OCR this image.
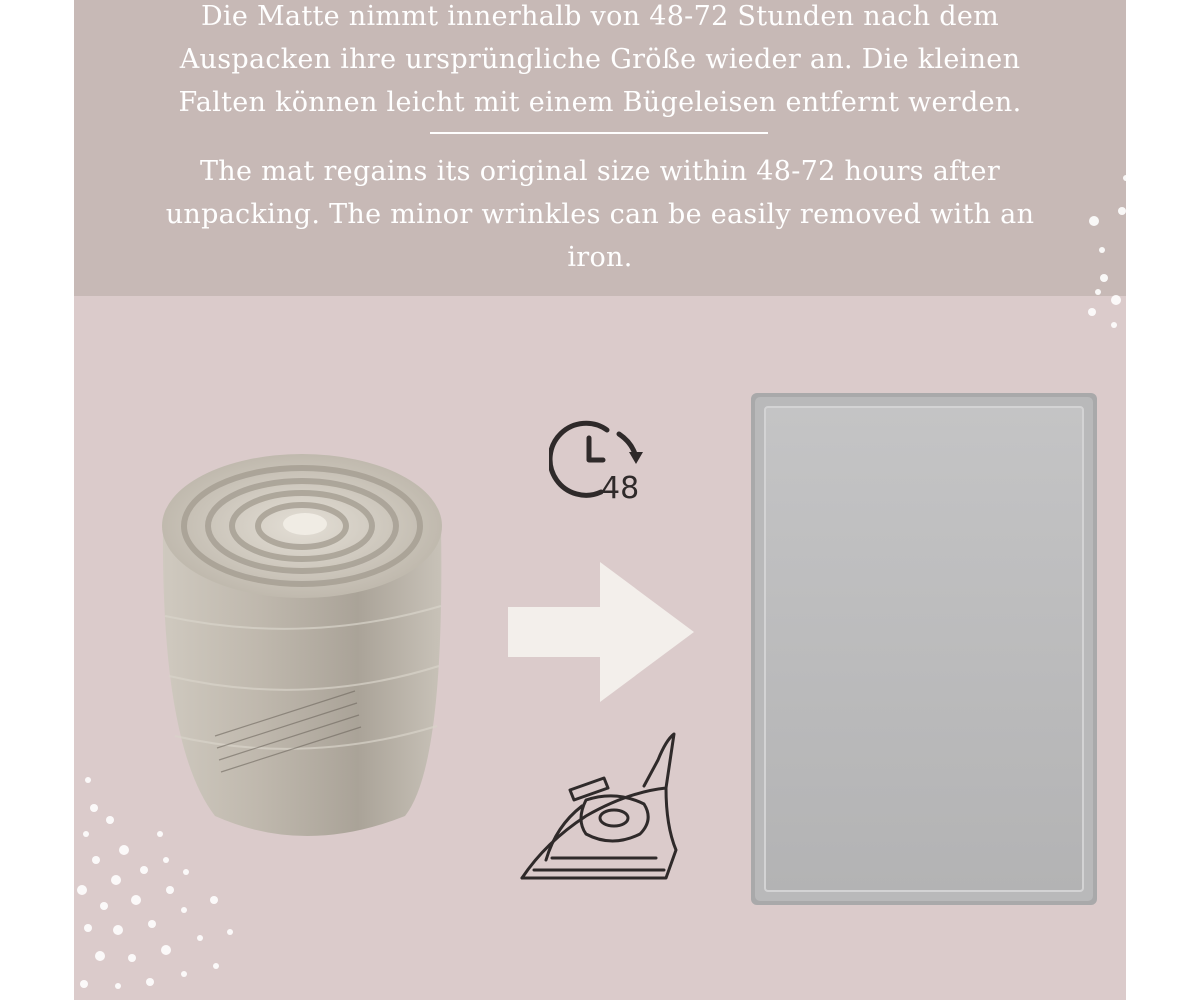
Die Matte nimmt innerhalb von 48-72 Stunden nach dem
Auspacken ihre ursprüngliche Größe wieder an. Die kleinen
Falten können leicht mit einem Bügeleisen entfernt werden.
The mat regains its original size within 48-72 hours after
unpacking. The minor wrinkles can be easily removed with an
iron.
48
